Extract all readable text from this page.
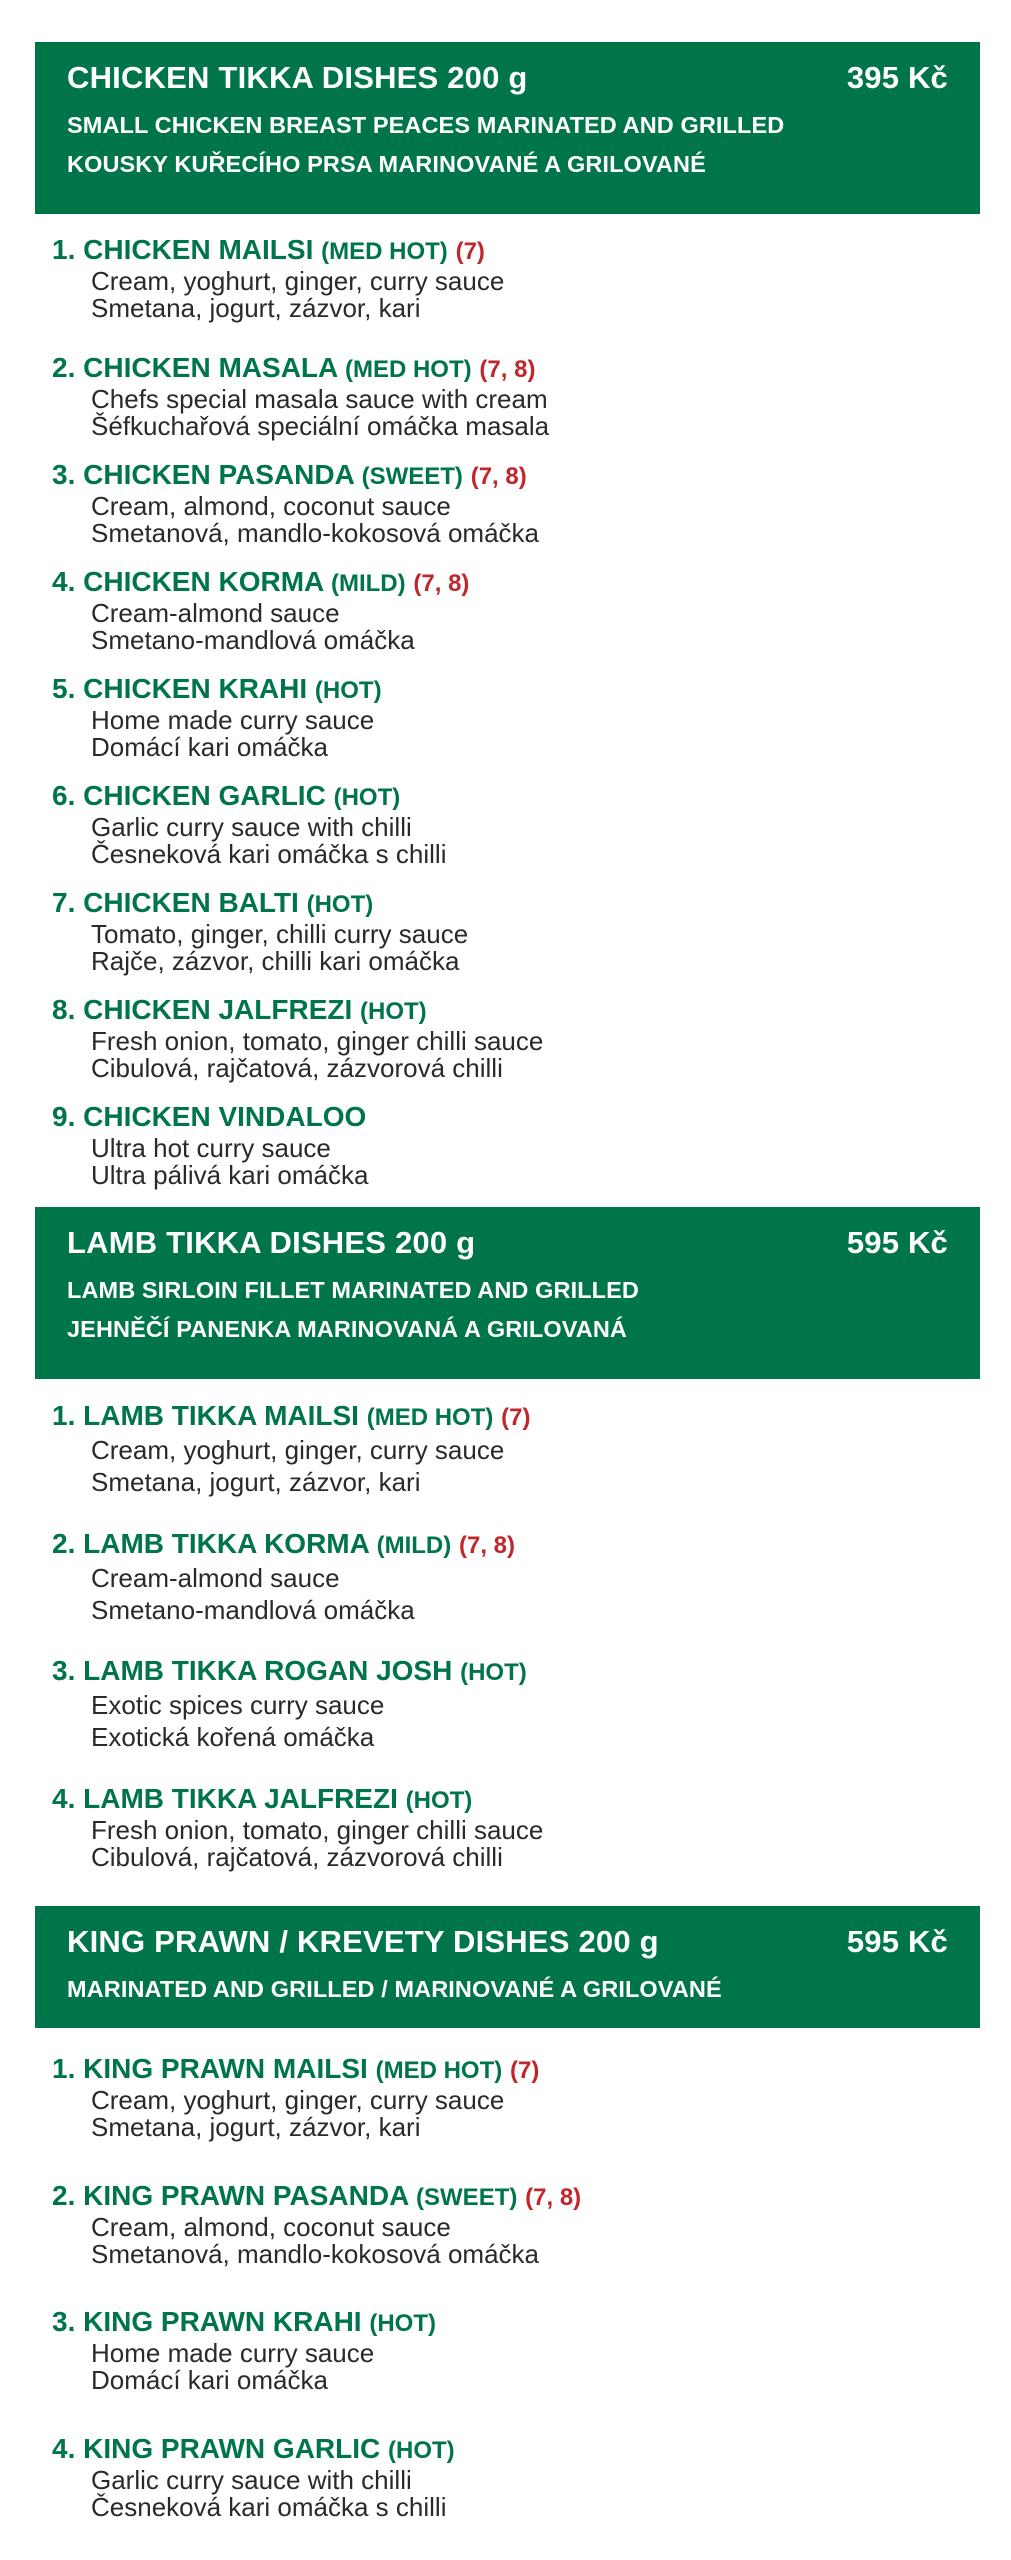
CHICKEN TIKKA DISHES 200 g	395 Kč
SMALL CHICKEN BREAST PEACES MARINATED AND GRILLED
KOUSKY KUŘECÍHO PRSA MARINOVANÉ A GRILOVANÉ
1. CHICKEN MAILSI (MED HOT) (7)
Cream, yoghurt, ginger, curry sauce
Smetana, jogurt, zázvor, kari
2. CHICKEN MASALA (MED HOT) (7, 8)
Chefs special masala sauce with cream
Šéfkuchařová speciální omáčka masala
3. CHICKEN PASANDA (SWEET) (7, 8)
Cream, almond, coconut sauce
Smetanová, mandlo-kokosová omáčka
4. CHICKEN KORMA (MILD) (7, 8)
Cream-almond sauce
Smetano-mandlová omáčka
5. CHICKEN KRAHI (HOT)
Home made curry sauce
Domácí kari omáčka
6. CHICKEN GARLIC (HOT)
Garlic curry sauce with chilli
Česneková kari omáčka s chilli
7. CHICKEN BALTI (HOT)
Tomato, ginger, chilli curry sauce
Rajče, zázvor, chilli kari omáčka
8. CHICKEN JALFREZI (HOT)
Fresh onion, tomato, ginger chilli sauce
Cibulová, rajčatová, zázvorová chilli
9. CHICKEN VINDALOO
Ultra hot curry sauce
Ultra pálivá kari omáčka
LAMB TIKKA DISHES 200 g	595 Kč
LAMB SIRLOIN FILLET MARINATED AND GRILLED
JEHNĚČÍ PANENKA MARINOVANÁ A GRILOVANÁ
1. LAMB TIKKA MAILSI (MED HOT) (7)
Cream, yoghurt, ginger, curry sauce
Smetana, jogurt, zázvor, kari
2. LAMB TIKKA KORMA (MILD) (7, 8)
Cream-almond sauce
Smetano-mandlová omáčka
3. LAMB TIKKA ROGAN JOSH (HOT)
Exotic spices curry sauce
Exotická kořená omáčka
4. LAMB TIKKA JALFREZI (HOT)
Fresh onion, tomato, ginger chilli sauce
Cibulová, rajčatová, zázvorová chilli
KING PRAWN / KREVETY DISHES 200 g	595 Kč
MARINATED AND GRILLED / MARINOVANÉ A GRILOVANÉ
1. KING PRAWN MAILSI (MED HOT) (7)
Cream, yoghurt, ginger, curry sauce
Smetana, jogurt, zázvor, kari
2. KING PRAWN PASANDA (SWEET) (7, 8)
Cream, almond, coconut sauce
Smetanová, mandlo-kokosová omáčka
3. KING PRAWN KRAHI (HOT)
Home made curry sauce
Domácí kari omáčka
4. KING PRAWN GARLIC (HOT)
Garlic curry sauce with chilli
Česneková kari omáčka s chilli
